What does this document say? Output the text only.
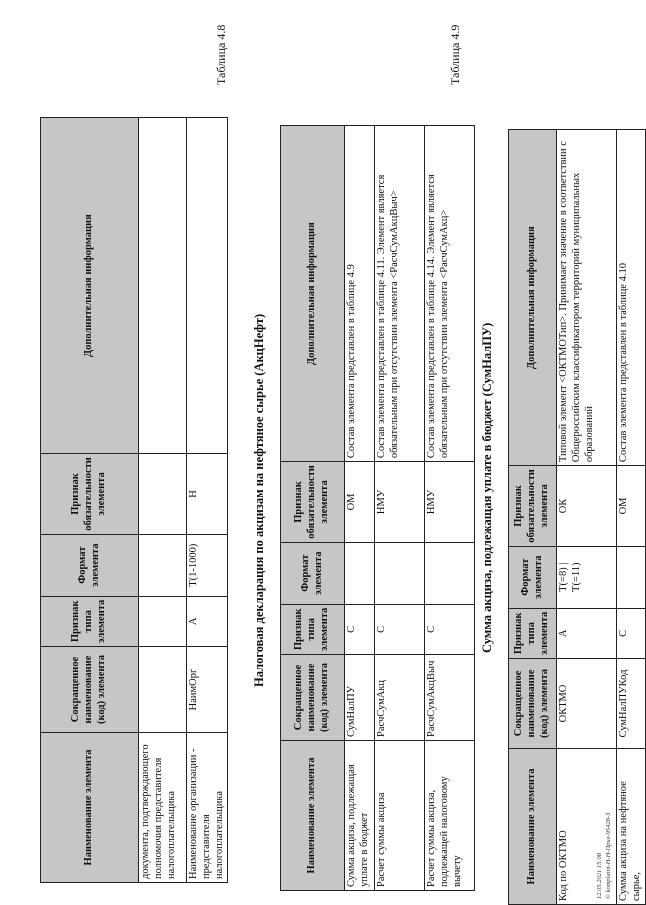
Наименование элемента	Сокращенное наименование (код) элемента	Признак типа элемента	Формат элемента	Признак обязательности элемента	Дополнительная информация
документа, подтверждающего полномочия представителя налогоплательщика					
Наименование организации - представителя налогоплательщика	НаимОрг	А	T(1-1000)	Н	
Таблица 4.8
Налоговая декларация по акцизам на нефтяное сырье (АкцНефт)
Наименование элемента	Сокращенное наименование (код) элемента	Признак типа элемента	Формат элемента	Признак обязательности элемента	Дополнительная информация
Сумма акциза, подлежащая уплате в бюджет	СумНалПУ	С		ОМ	Состав элемента представлен в таблице 4.9
Расчет суммы акциза	РасчСумАкц	С		НМУ	Состав элемента представлен в таблице 4.11. Элемент является обязательным при отсутствии элемента <РасчСумАкцВыч>
Расчет суммы акциза, подлежащей налоговому вычету	РасчСумАкцВыч	С		НМУ	Состав элемента представлен в таблице 4.14. Элемент является обязательным при отсутствии элемента <РасчСумАкц>
Таблица 4.9
Сумма акциза, подлежащая уплате в бюджет (СумНалПУ)
Наименование элемента	Сокращенное наименование (код) элемента	Признак типа элемента	Формат элемента	Признак обязательности элемента	Дополнительная информация
Код по ОКТМО	ОКТМО	А	T(=8) | T(=11)	ОК	Типовой элемент <ОКТМОТип>. Принимает значение в соответствии с Общероссийским классификатором территорий муниципальных образований
Сумма акциза на нефтяное сырье,	СумНалПУКод	С		ОМ	Состав элемента представлен в таблице 4.10
12.05.2021 15:08 © komplaint-H-H-Прил-95428-3
